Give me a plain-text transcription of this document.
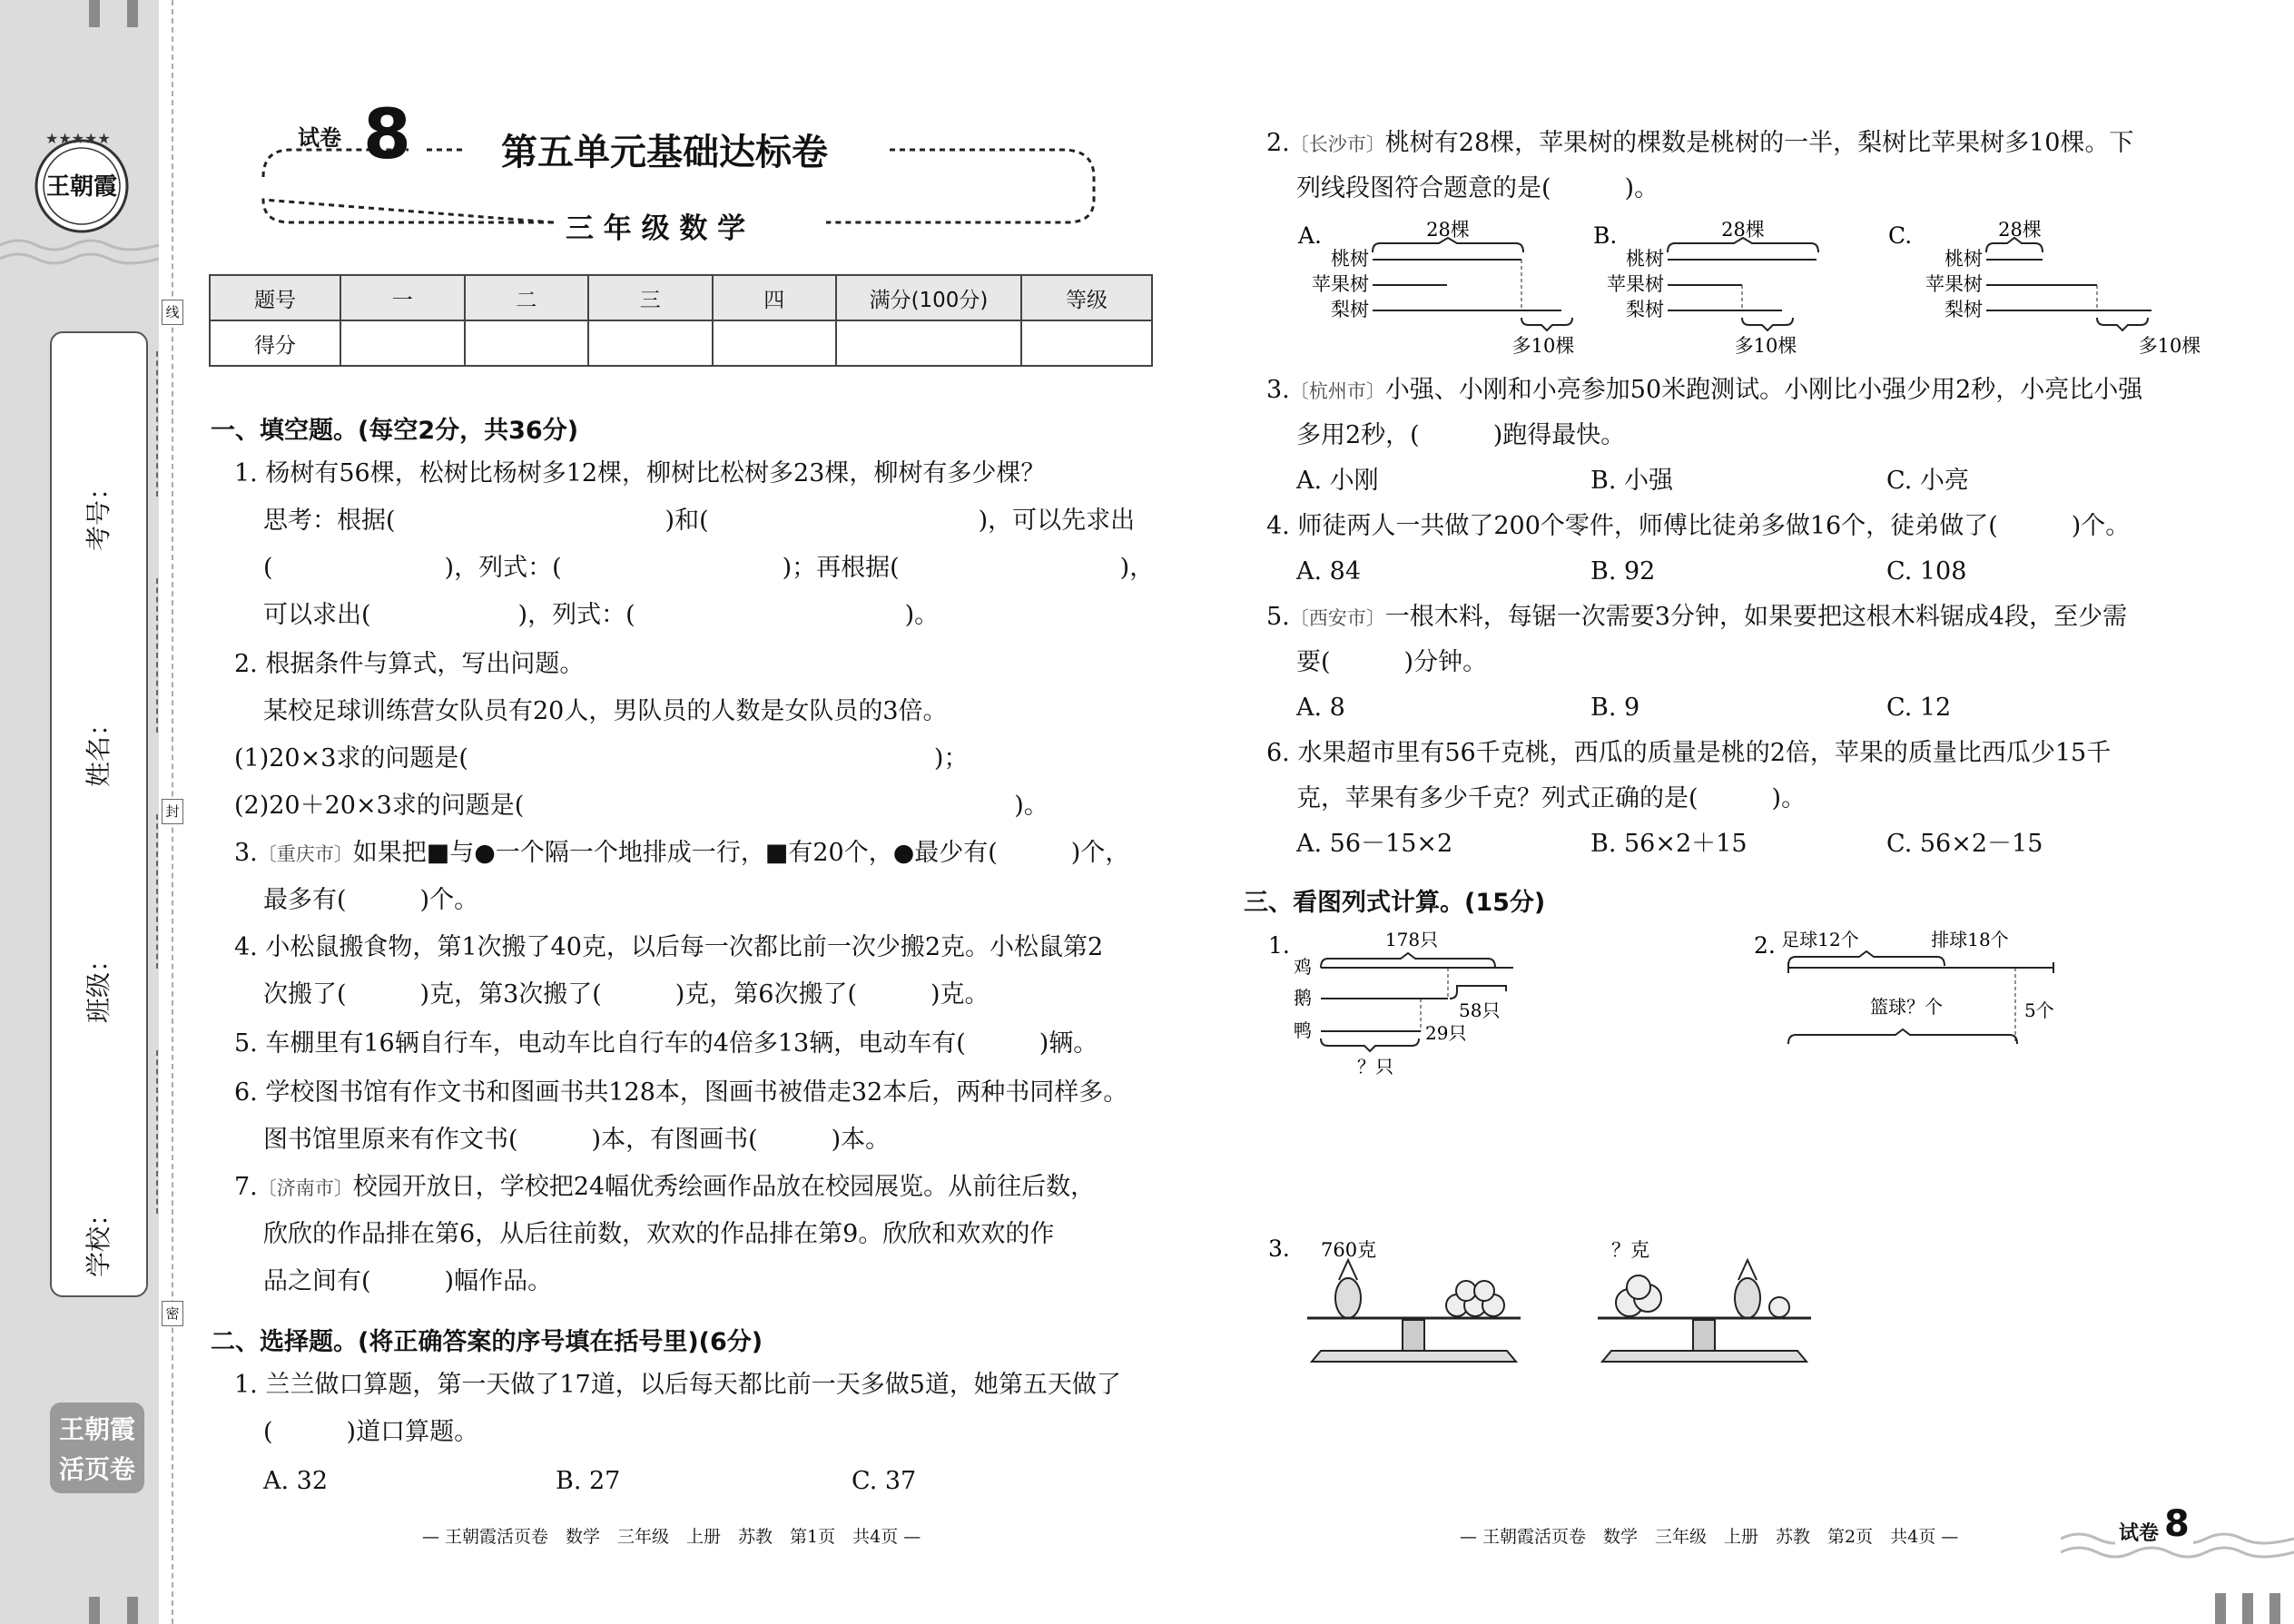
王朝霞
★★★★★
考号：
姓名：
班级：
学校：
王朝霞
活页卷
线
封
密
试卷 8 第五单元基础达标卷
三 年 级 数 学
题号	一	二	三	四	满分(100分)	等级
得分						
一、填空题。(每空2分，共36分)
1. 杨树有56棵，松树比杨树多12棵，柳树比松树多23棵，柳树有多少棵？
思考：根据(　　　　　　　　　　　)和(　　　　　　　　　　　)，可以先求出
(　　　　　　　)，列式：(　　　　　　　　　)；再根据(　　　　　　　　　)，
可以求出(　　　　　　)，列式：(　　　　　　　　　　　)。
2. 根据条件与算式，写出问题。
某校足球训练营女队员有20人，男队员的人数是女队员的3倍。
(1)20×3求的问题是(　　　　　　　　　　　　　　　　　　　)；
(2)20＋20×3求的问题是(　　　　　　　　　　　　　　　　　　　　)。
3.〔重庆市〕如果把■与●一个隔一个地排成一行，■有20个，●最少有(　　　)个，
最多有(　　　)个。
4. 小松鼠搬食物，第1次搬了40克，以后每一次都比前一次少搬2克。小松鼠第2
次搬了(　　　)克，第3次搬了(　　　)克，第6次搬了(　　　)克。
5. 车棚里有16辆自行车，电动车比自行车的4倍多13辆，电动车有(　　　)辆。
6. 学校图书馆有作文书和图画书共128本，图画书被借走32本后，两种书同样多。
图书馆里原来有作文书(　　　)本，有图画书(　　　)本。
7.〔济南市〕校园开放日，学校把24幅优秀绘画作品放在校园展览。从前往后数，
欣欣的作品排在第6，从后往前数，欢欢的作品排在第9。欣欣和欢欢的作
品之间有(　　　)幅作品。
二、选择题。(将正确答案的序号填在括号里)(6分)
1. 兰兰做口算题，第一天做了17道，以后每天都比前一天多做5道，她第五天做了
(　　　)道口算题。
A. 32	B. 27	C. 37
— 王朝霞活页卷　数学　三年级　上册　苏教　第1页　共4页 —
2.〔长沙市〕桃树有28棵，苹果树的棵数是桃树的一半，梨树比苹果树多10棵。下
列线段图符合题意的是(　　　)。
A.	28棵
桃树
苹果树
梨树
多10棵
B.	28棵
桃树
苹果树
梨树
多10棵
C.	28棵
桃树
苹果树
梨树
多10棵
3.〔杭州市〕小强、小刚和小亮参加50米跑测试。小刚比小强少用2秒，小亮比小强
多用2秒，(　　　)跑得最快。
A. 小刚	B. 小强	C. 小亮
4. 师徒两人一共做了200个零件，师傅比徒弟多做16个，徒弟做了(　　　)个。
A. 84	B. 92	C. 108
5.〔西安市〕一根木料，每锯一次需要3分钟，如果要把这根木料锯成4段，至少需
要(　　　)分钟。
A. 8	B. 9	C. 12
6. 水果超市里有56千克桃，西瓜的质量是桃的2倍，苹果的质量比西瓜少15千
克，苹果有多少千克？列式正确的是(　　　)。
A. 56－15×2	B. 56×2＋15	C. 56×2－15
三、看图列式计算。(15分)
1.	178只
鸡
鹅
58只
鸭	29只
？只
2. 足球12个	排球18个
篮球？个	5个
3. 760克	？克
— 王朝霞活页卷　数学　三年级　上册　苏教　第2页　共4页 —	试卷 8
